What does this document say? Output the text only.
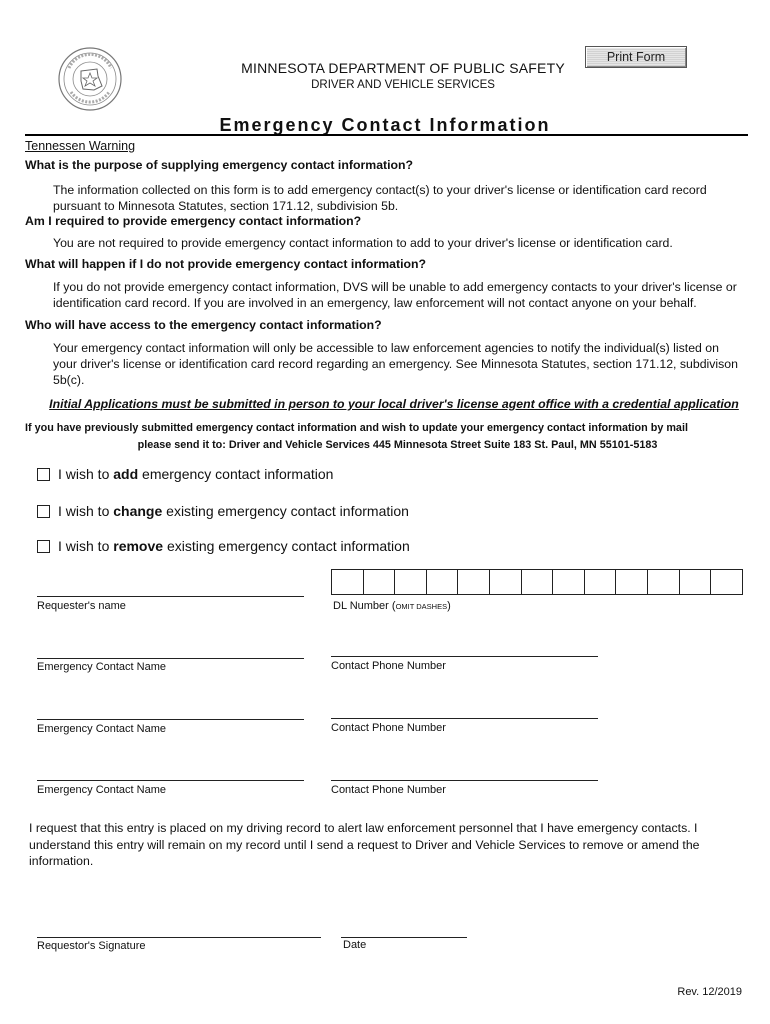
MINNESOTA DEPARTMENT OF PUBLIC SAFETY
DRIVER AND VEHICLE SERVICES
Print Form
Emergency Contact Information
Tennessen Warning
What is the purpose of supplying emergency contact information?
The information collected on this form is to add emergency contact(s) to your driver's license or identification card record pursuant to Minnesota Statutes, section 171.12, subdivision 5b.
Am I required to provide emergency contact information?
You are not required to provide emergency contact information to add to your driver's license or identification card.
What will happen if I do not provide emergency contact information?
If you do not provide emergency contact information, DVS will be unable to add emergency contacts to your driver's license or identification card record. If you are involved in an emergency, law enforcement will not contact anyone on your behalf.
Who will have access to the emergency contact information?
Your emergency contact information will only be accessible to law enforcement agencies to notify the individual(s) listed on your driver's license or identification card record regarding an emergency. See Minnesota Statutes, section 171.12, subdivison 5b(c).
Initial Applications must be submitted in person to your local driver's license agent office with a credential application
If you have previously submitted emergency contact information and wish to update your emergency contact information by mail
please send it to: Driver and Vehicle Services 445 Minnesota Street Suite 183 St. Paul, MN 55101-5183
I wish to add emergency contact information
I wish to change existing emergency contact information
I wish to remove existing emergency contact information
Requester's name	DL Number (OMIT DASHES)
Emergency Contact Name	Contact Phone Number
Emergency Contact Name	Contact Phone Number
Emergency Contact Name	Contact Phone Number
I request that this entry is placed on my driving record to alert law enforcement personnel that I have emergency contacts. I understand this entry will remain on my record until I send a request to Driver and Vehicle Services to remove or amend the information.
Requestor's Signature	Date
Rev. 12/2019
